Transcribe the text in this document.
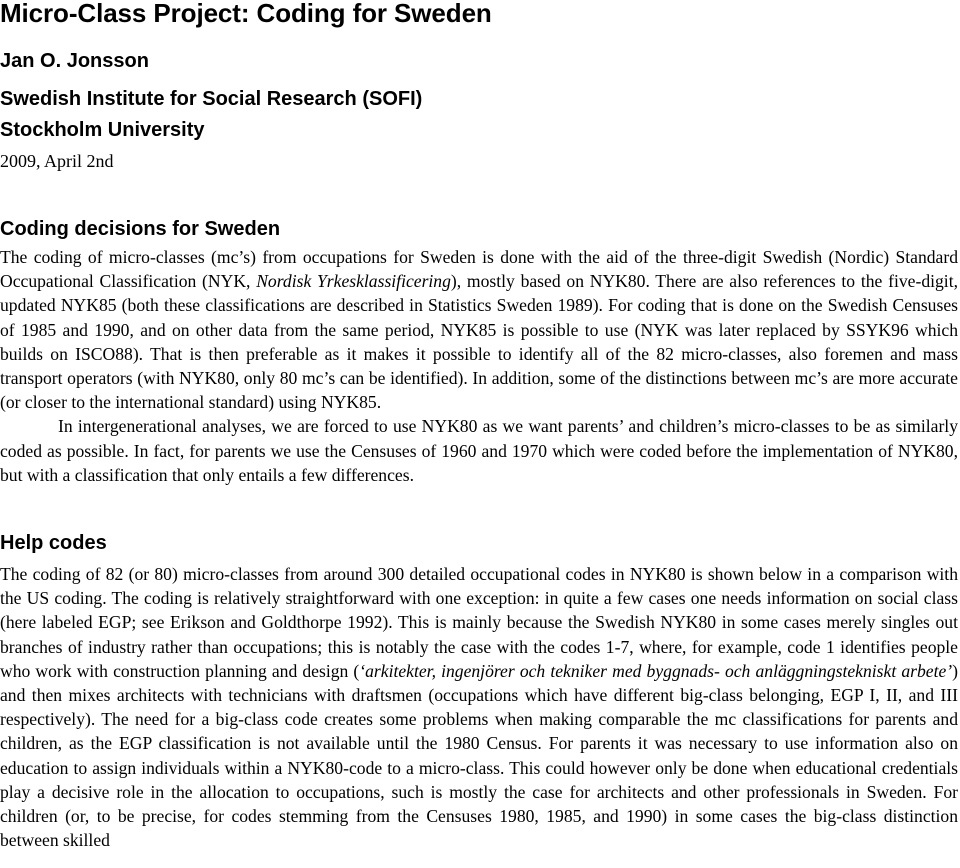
Micro-Class Project: Coding for Sweden
Jan O. Jonsson
Swedish Institute for Social Research (SOFI)
Stockholm University
2009, April 2nd
Coding decisions for Sweden

The coding of micro-classes (mc’s) from occupations for Sweden is done with the aid of the three-digit Swedish (Nordic) Standard Occupational Classification (NYK, Nordisk Yrkesklassificering), mostly based on NYK80. There are also references to the five-digit, updated NYK85 (both these classifications are described in Statistics Sweden 1989). For coding that is done on the Swedish Censuses of 1985 and 1990, and on other data from the same period, NYK85 is possible to use (NYK was later replaced by SSYK96 which builds on ISCO88). That is then preferable as it makes it possible to identify all of the 82 micro-classes, also foremen and mass transport operators (with NYK80, only 80 mc’s can be identified). In addition, some of the distinctions between mc’s are more accurate (or closer to the international standard) using NYK85.

In intergenerational analyses, we are forced to use NYK80 as we want parents’ and children’s micro-classes to be as similarly coded as possible. In fact, for parents we use the Censuses of 1960 and 1970 which were coded before the implementation of NYK80, but with a classification that only entails a few differences.

Help codes

The coding of 82 (or 80) micro-classes from around 300 detailed occupational codes in NYK80 is shown below in a comparison with the US coding. The coding is relatively straightforward with one exception: in quite a few cases one needs information on social class (here labeled EGP; see Erikson and Goldthorpe 1992). This is mainly because the Swedish NYK80 in some cases merely singles out branches of industry rather than occupations; this is notably the case with the codes 1-7, where, for example, code 1 identifies people who work with construction planning and design (‘arkitekter, ingenjörer och tekniker med byggnads- och anläggningstekniskt arbete’) and then mixes architects with technicians with draftsmen (occupations which have different big-class belonging, EGP I, II, and III respectively). The need for a big-class code creates some problems when making comparable the mc classifications for parents and children, as the EGP classification is not available until the 1980 Census. For parents it was necessary to use information also on education to assign individuals within a NYK80-code to a micro-class. This could however only be done when educational credentials play a decisive role in the allocation to occupations, such is mostly the case for architects and other professionals in Sweden. For children (or, to be precise, for codes stemming from the Censuses 1980, 1985, and 1990) in some cases the big-class distinction between skilled
